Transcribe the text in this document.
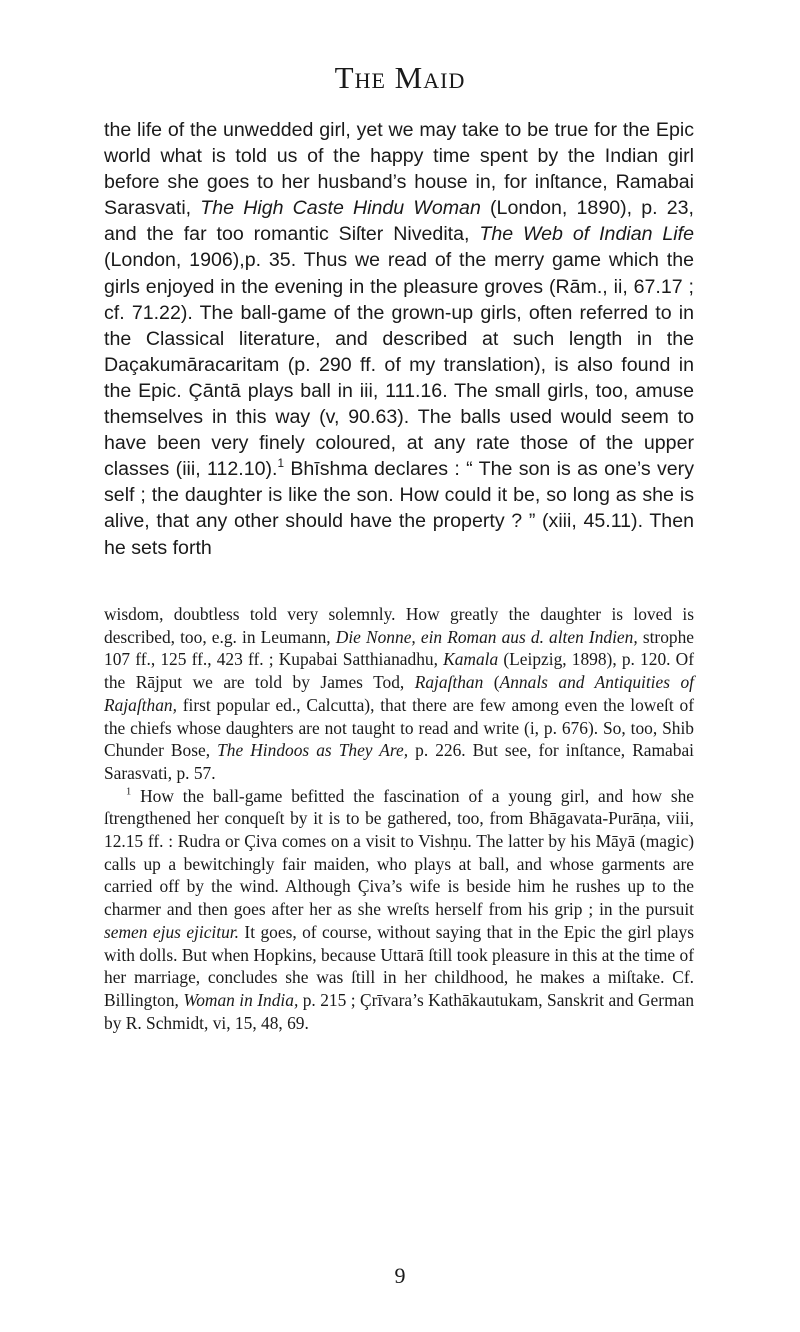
The Maid

the life of the unwedded girl, yet we may take to be true for the Epic world what is told us of the happy time spent by the Indian girl before she goes to her husband’s house in, for inſtance, Ramabai Sarasvati, The High Caste Hindu Woman (London, 1890), p. 23, and the far too romantic Siſter Nivedita, The Web of Indian Life (London, 1906),p. 35. Thus we read of the merry game which the girls enjoyed in the evening in the pleasure groves (Rām., ii, 67.17 ; cf. 71.22). The ball-game of the grown-up girls, often referred to in the Classical literature, and described at such length in the Daçakumāracaritam (p. 290 ff. of my translation), is also found in the Epic. Çāntā plays ball in iii, 111.16. The small girls, too, amuse themselves in this way (v, 90.63). The balls used would seem to have been very finely coloured, at any rate those of the upper classes (iii, 112.10).$^1$ Bhīshma declares : “ The son is as one’s very self ; the daughter is like the son. How could it be, so long as she is alive, that any other should have the property ? ” (xiii, 45.11). Then he sets forth

wisdom, doubtless told very solemnly. How greatly the daughter is loved is described, too, e.g. in Leumann, Die Nonne, ein Roman aus d. alten Indien, strophe 107 ff., 125 ff., 423 ff. ; Kupabai Satthianadhu, Kamala (Leipzig, 1898), p. 120. Of the Rājput we are told by James Tod, Rajaſthan (Annals and Antiquities of Rajaſthan, first popular ed., Calcutta), that there are few among even the loweſt of the chiefs whose daughters are not taught to read and write (i, p. 676). So, too, Shib Chunder Bose, The Hindoos as They Are, p. 226. But see, for inſtance, Ramabai Sarasvati, p. 57.

$^1$ How the ball-game befitted the fascination of a young girl, and how she ſtrengthened her conqueſt by it is to be gathered, too, from Bhāgavata-Purāṇa, viii, 12.15 ff. : Rudra or Çiva comes on a visit to Vishṇu. The latter by his Māyā (magic) calls up a bewitchingly fair maiden, who plays at ball, and whose garments are carried off by the wind. Although Çiva’s wife is beside him he rushes up to the charmer and then goes after her as she wreſts herself from his grip ; in the pursuit semen ejus ejicitur. It goes, of course, without saying that in the Epic the girl plays with dolls. But when Hopkins, because Uttarā ſtill took pleasure in this at the time of her marriage, concludes she was ſtill in her childhood, he makes a miſtake. Cf. Billington, Woman in India, p. 215 ; Çrīvara’s Kathākautukam, Sanskrit and German by R. Schmidt, vi, 15, 48, 69.

9
